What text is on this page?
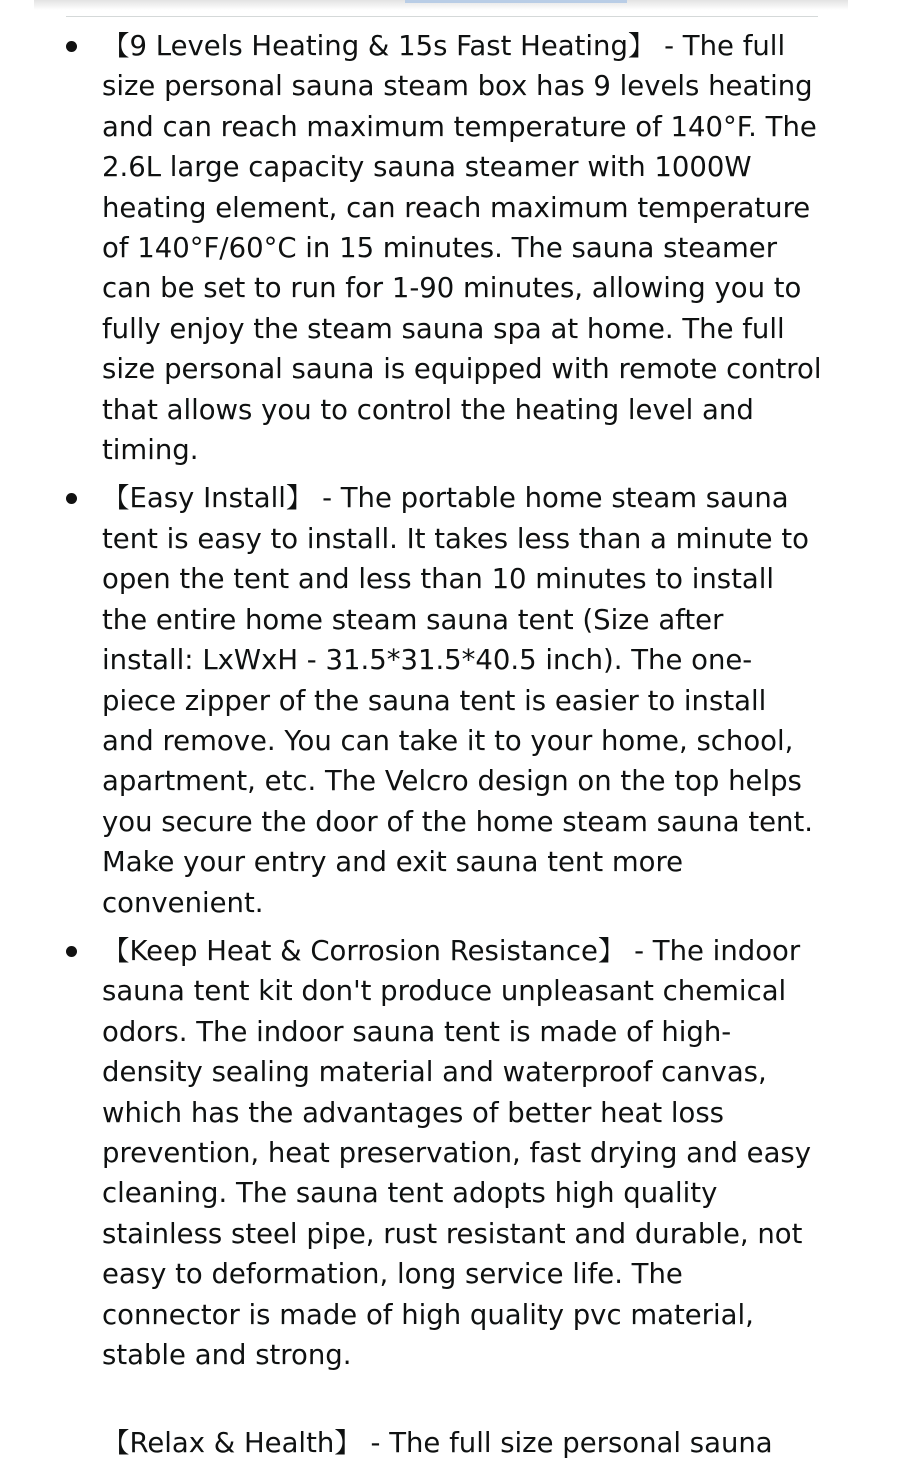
【9 Levels Heating & 15s Fast Heating】 - The full size personal sauna steam box has 9 levels heating and can reach maximum temperature of 140°F. The 2.6L large capacity sauna steamer with 1000W heating element, can reach maximum temperature of 140°F/60°C in 15 minutes. The sauna steamer can be set to run for 1-90 minutes, allowing you to fully enjoy the steam sauna spa at home. The full size personal sauna is equipped with remote control that allows you to control the heating level and timing.
【Easy Install】 - The portable home steam sauna tent is easy to install. It takes less than a minute to open the tent and less than 10 minutes to install the entire home steam sauna tent (Size after install: LxWxH - 31.5*31.5*40.5 inch). The one-piece zipper of the sauna tent is easier to install and remove. You can take it to your home, school, apartment, etc. The Velcro design on the top helps you secure the door of the home steam sauna tent. Make your entry and exit sauna tent more convenient.
【Keep Heat & Corrosion Resistance】 - The indoor sauna tent kit don't produce unpleasant chemical odors. The indoor sauna tent is made of high-density sealing material and waterproof canvas, which has the advantages of better heat loss prevention, heat preservation, fast drying and easy cleaning. The sauna tent adopts high quality stainless steel pipe, rust resistant and durable, not easy to deformation, long service life. The connector is made of high quality pvc material, stable and strong.
【Relax & Health】 - The full size personal sauna
